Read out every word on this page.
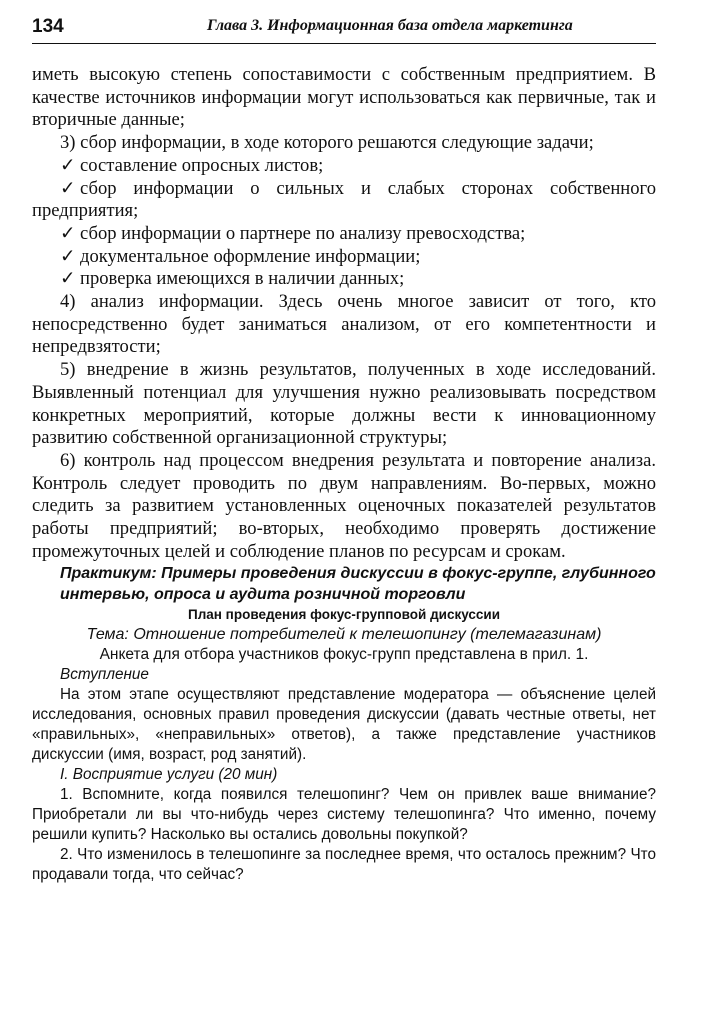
134	Глава 3. Информационная база отдела маркетинга

иметь высокую степень сопоставимости с собственным предприятием. В качестве источников информации могут использоваться как первичные, так и вторичные данные;

3) сбор информации, в ходе которого решаются следующие задачи;

✓ составление опросных листов;

✓ сбор информации о сильных и слабых сторонах собственного предприятия;

✓ сбор информации о партнере по анализу превосходства;

✓ документальное оформление информации;

✓ проверка имеющихся в наличии данных;

4) анализ информации. Здесь очень многое зависит от того, кто непосредственно будет заниматься анализом, от его компетентности и непредвзятости;

5) внедрение в жизнь результатов, полученных в ходе исследований. Выявленный потенциал для улучшения нужно реализовывать посредством конкретных мероприятий, которые должны вести к инновационному развитию собственной организационной структуры;

6) контроль над процессом внедрения результата и повторение анализа. Контроль следует проводить по двум направлениям. Во-первых, можно следить за развитием установленных оценочных показателей результатов работы предприятий; во-вторых, необходимо проверять достижение промежуточных целей и соблюдение планов по ресурсам и срокам.

Практикум: Примеры проведения дискуссии в фокус-группе, глубинного интервью, опроса и аудита розничной торговли

План проведения фокус-групповой дискуссии

Тема: Отношение потребителей к телешопингу (телемагазинам)

Анкета для отбора участников фокус-групп представлена в прил. 1.

Вступление

На этом этапе осуществляют представление модератора — объяснение целей исследования, основных правил проведения дискуссии (давать честные ответы, нет «правильных», «неправильных» ответов), а также представление участников дискуссии (имя, возраст, род занятий).

I. Восприятие услуги (20 мин)

1. Вспомните, когда появился телешопинг? Чем он привлек ваше внимание? Приобретали ли вы что-нибудь через систему телешопинга? Что именно, почему решили купить? Насколько вы остались довольны покупкой?

2. Что изменилось в телешопинге за последнее время, что осталось прежним? Что продавали тогда, что сейчас?
